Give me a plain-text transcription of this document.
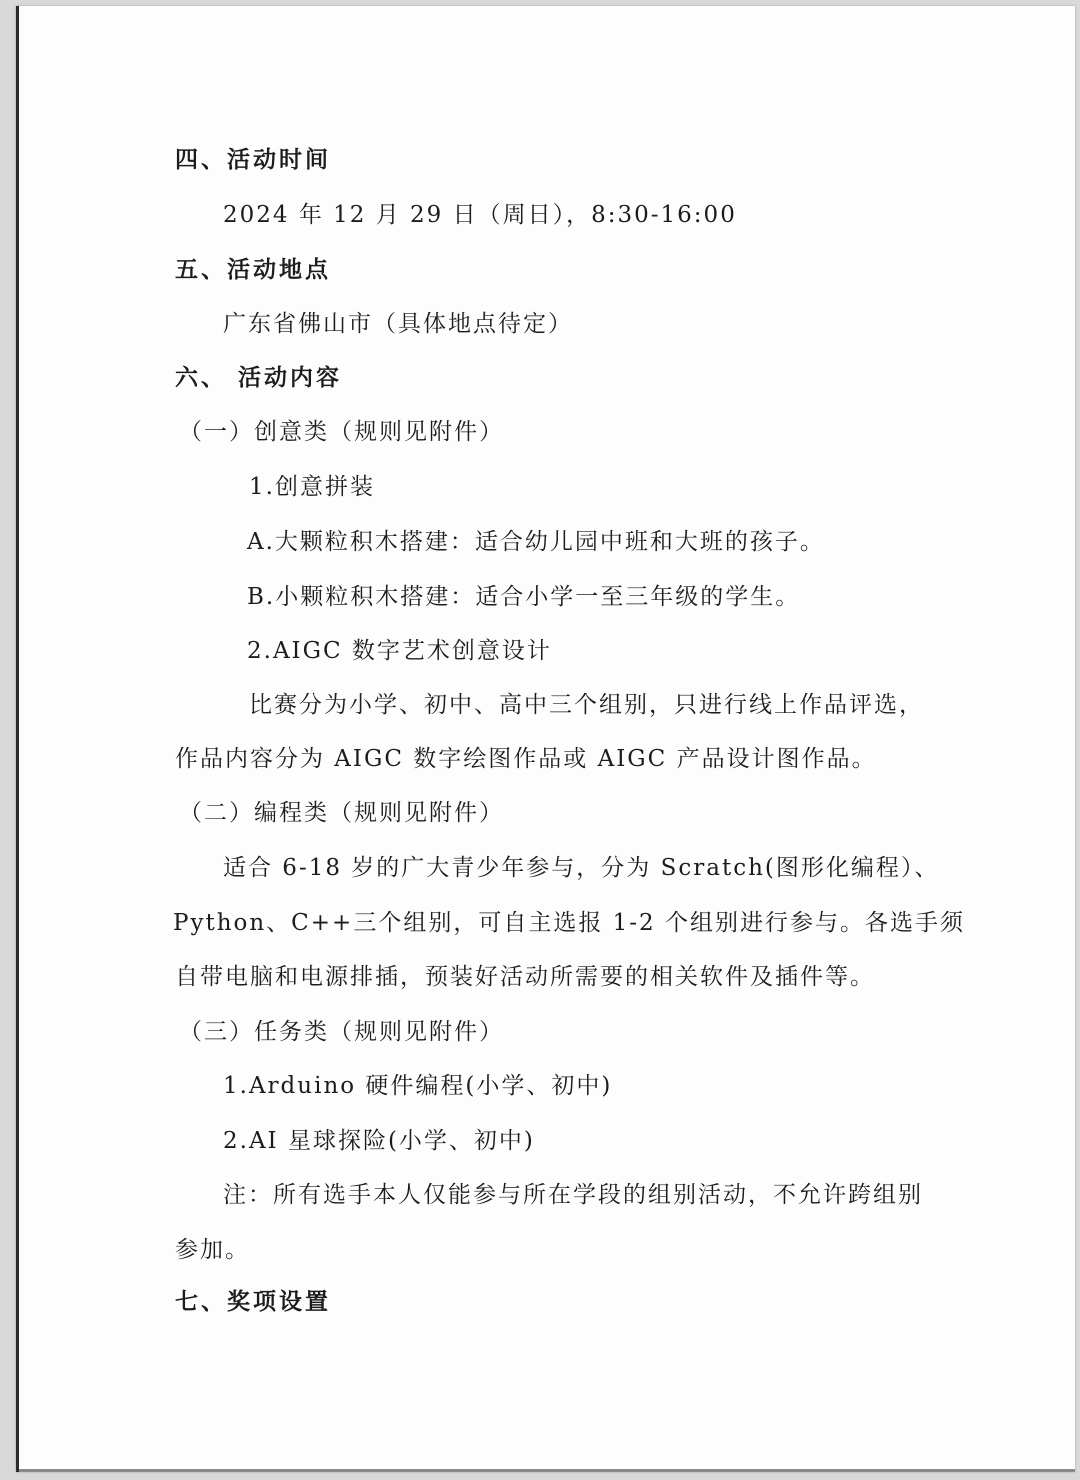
四、活动时间
2024 年 12 月 29 日（周日），8:30-16:00
五、活动地点
广东省佛山市（具体地点待定）
六、 活动内容
（一）创意类（规则见附件）
1.创意拼装
A.大颗粒积木搭建：适合幼儿园中班和大班的孩子。
B.小颗粒积木搭建：适合小学一至三年级的学生。
2.AIGC 数字艺术创意设计
比赛分为小学、初中、高中三个组别，只进行线上作品评选，
作品内容分为 AIGC 数字绘图作品或 AIGC 产品设计图作品。
（二）编程类（规则见附件）
适合 6-18 岁的广大青少年参与，分为 Scratch(图形化编程）、
Python、C++三个组别，可自主选报 1-2 个组别进行参与。各选手须
自带电脑和电源排插，预装好活动所需要的相关软件及插件等。
（三）任务类（规则见附件）
1.Arduino 硬件编程(小学、初中)
2.AI 星球探险(小学、初中)
注：所有选手本人仅能参与所在学段的组别活动，不允许跨组别
参加。
七、奖项设置
